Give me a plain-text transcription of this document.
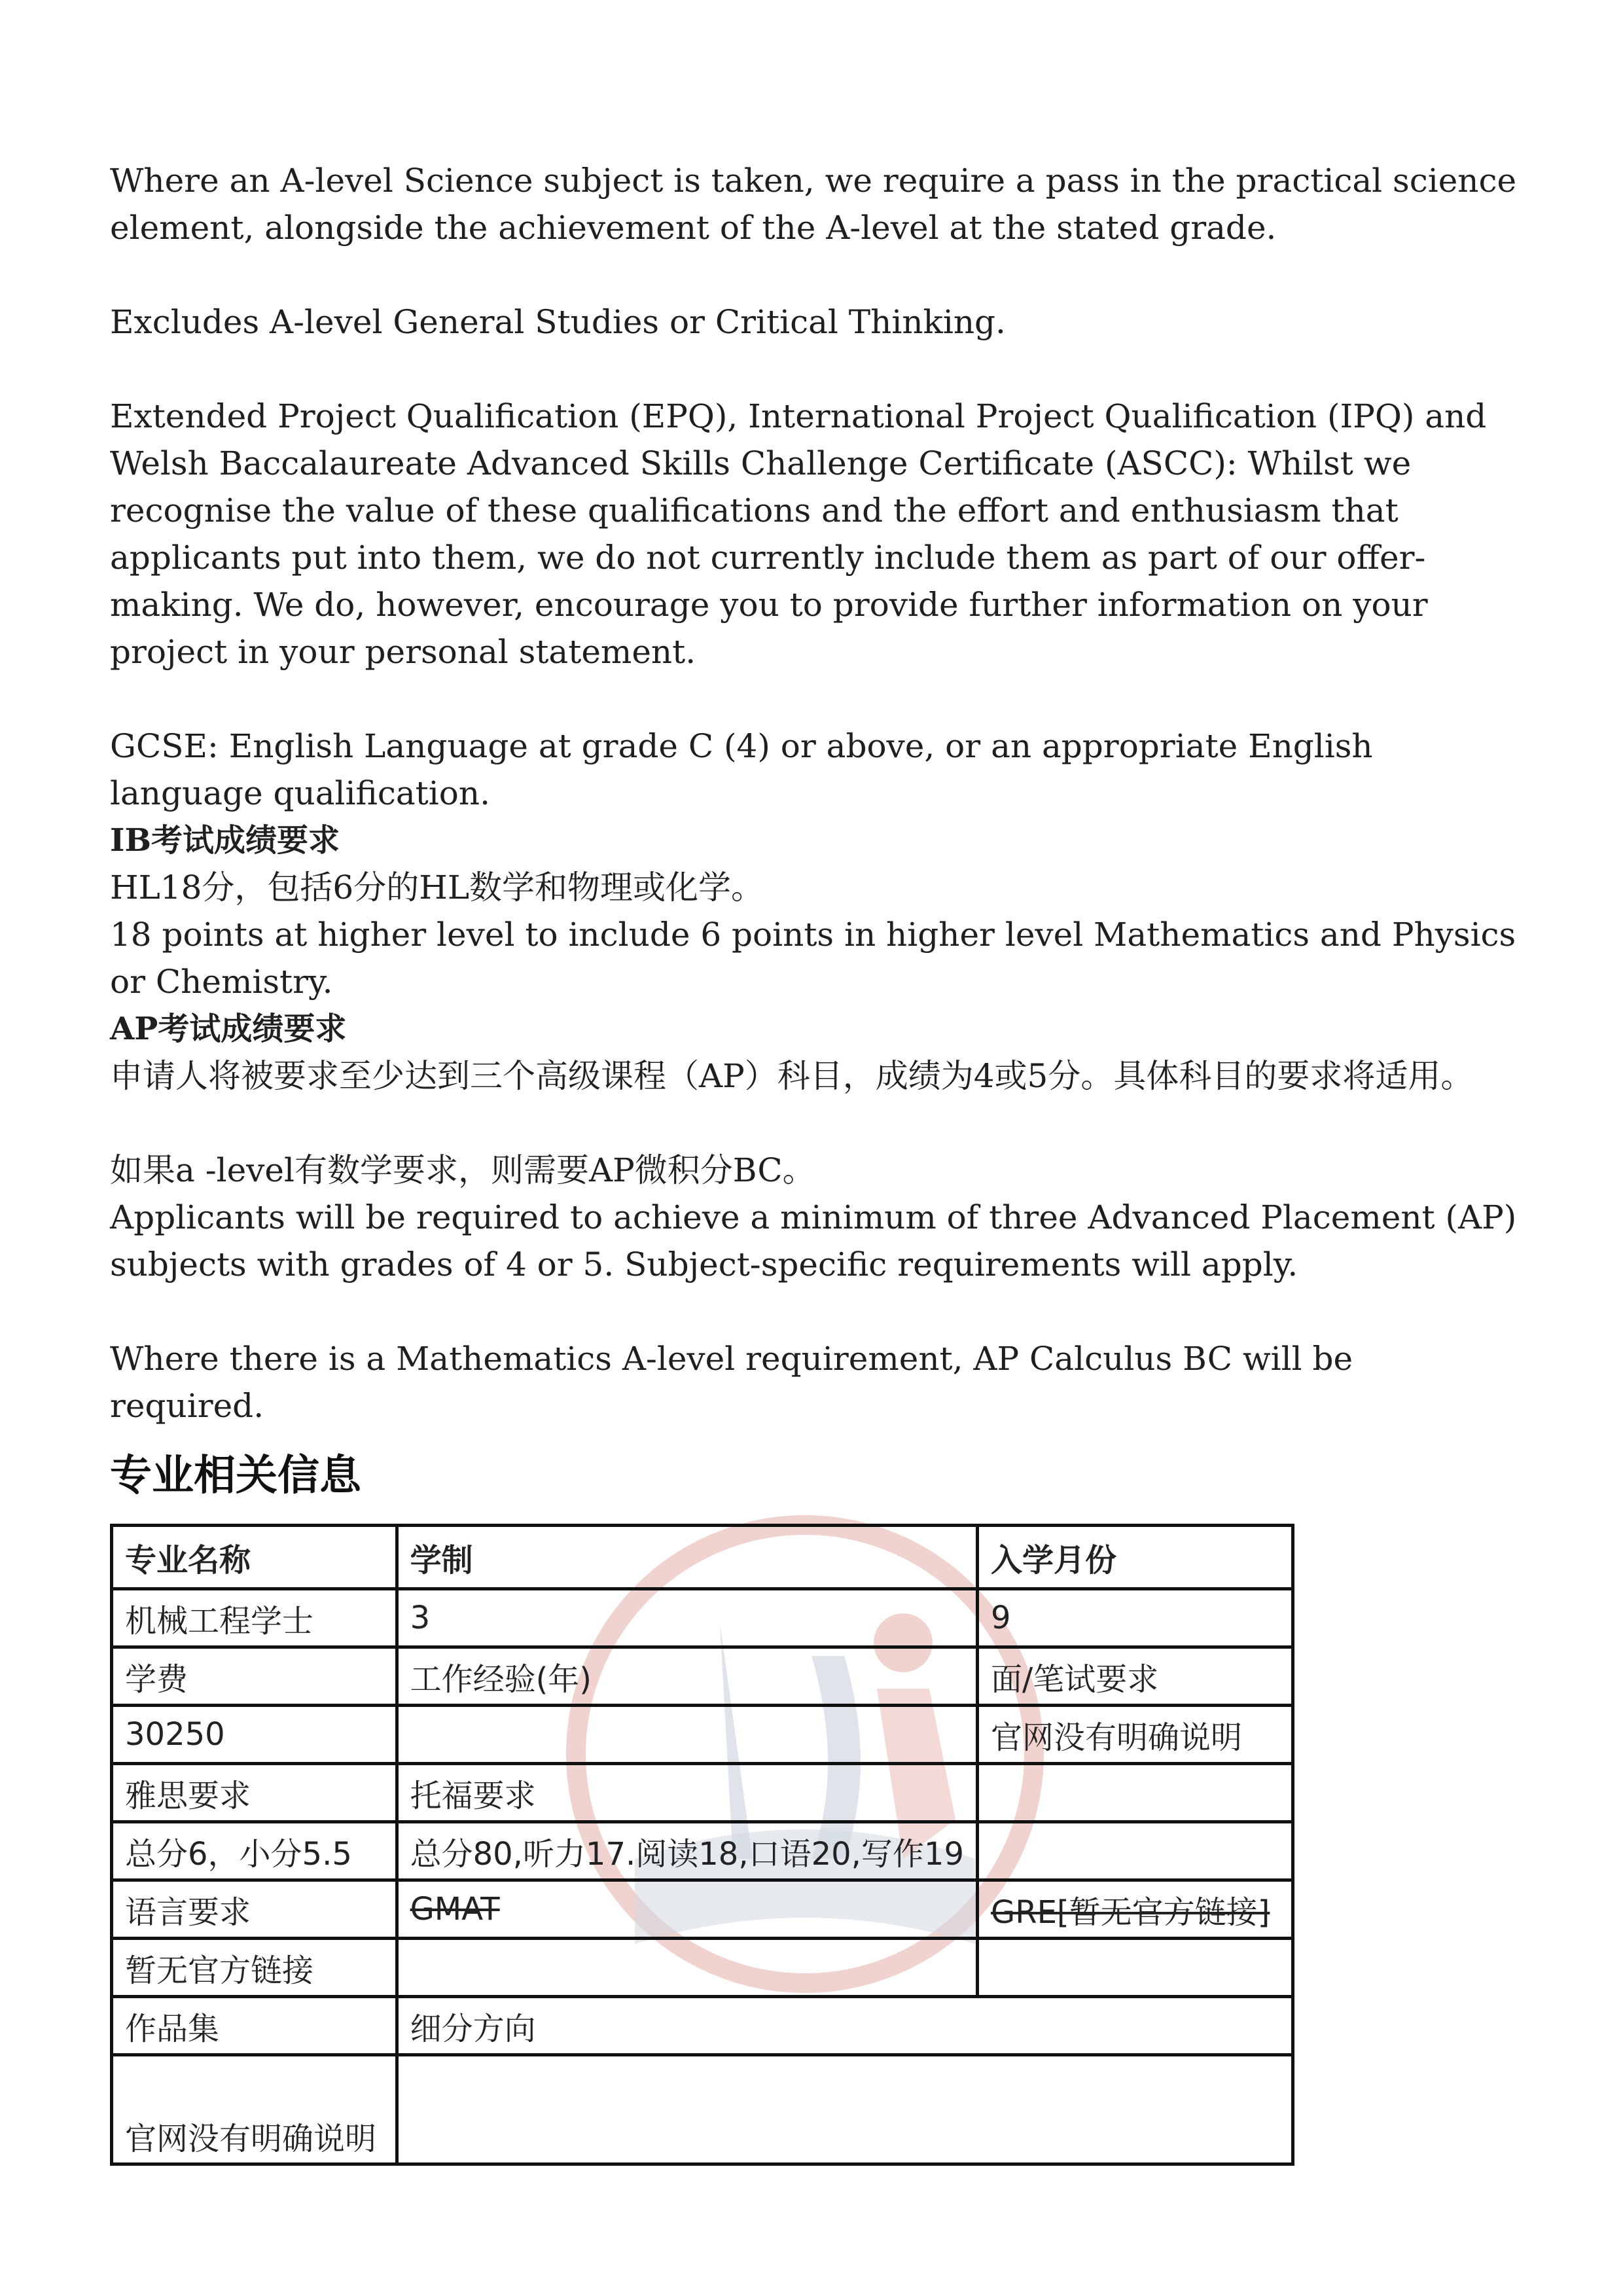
Where an A-level Science subject is taken, we require a pass in the practical science element, alongside the achievement of the A-level at the stated grade.

Excludes A-level General Studies or Critical Thinking.

Extended Project Qualification (EPQ), International Project Qualification (IPQ) and Welsh Baccalaureate Advanced Skills Challenge Certificate (ASCC): Whilst we recognise the value of these qualifications and the effort and enthusiasm that applicants put into them, we do not currently include them as part of our offer-making. We do, however, encourage you to provide further information on your project in your personal statement.

GCSE: English Language at grade C (4) or above, or an appropriate English language qualification.

IB考试成绩要求

HL18分，包括6分的HL数学和物理或化学。

18 points at higher level to include 6 points in higher level Mathematics and Physics or Chemistry.

AP考试成绩要求

申请人将被要求至少达到三个高级课程（AP）科目，成绩为4或5分。具体科目的要求将适用。

如果a -level有数学要求，则需要AP微积分BC。

Applicants will be required to achieve a minimum of three Advanced Placement (AP) subjects with grades of 4 or 5. Subject-specific requirements will apply.

Where there is a Mathematics A-level requirement, AP Calculus BC will be required.

专业相关信息
专业名称	学制	入学月份
机械工程学士	3	9
学费	工作经验(年)	面/笔试要求
30250		官网没有明确说明
雅思要求	托福要求	
总分6，小分5.5	总分80,听力17.阅读18,口语20,写作19	
语言要求	GMAT	GRE[暂无官方链接]
暂无官方链接		
作品集	细分方向	
官网没有明确说明		
